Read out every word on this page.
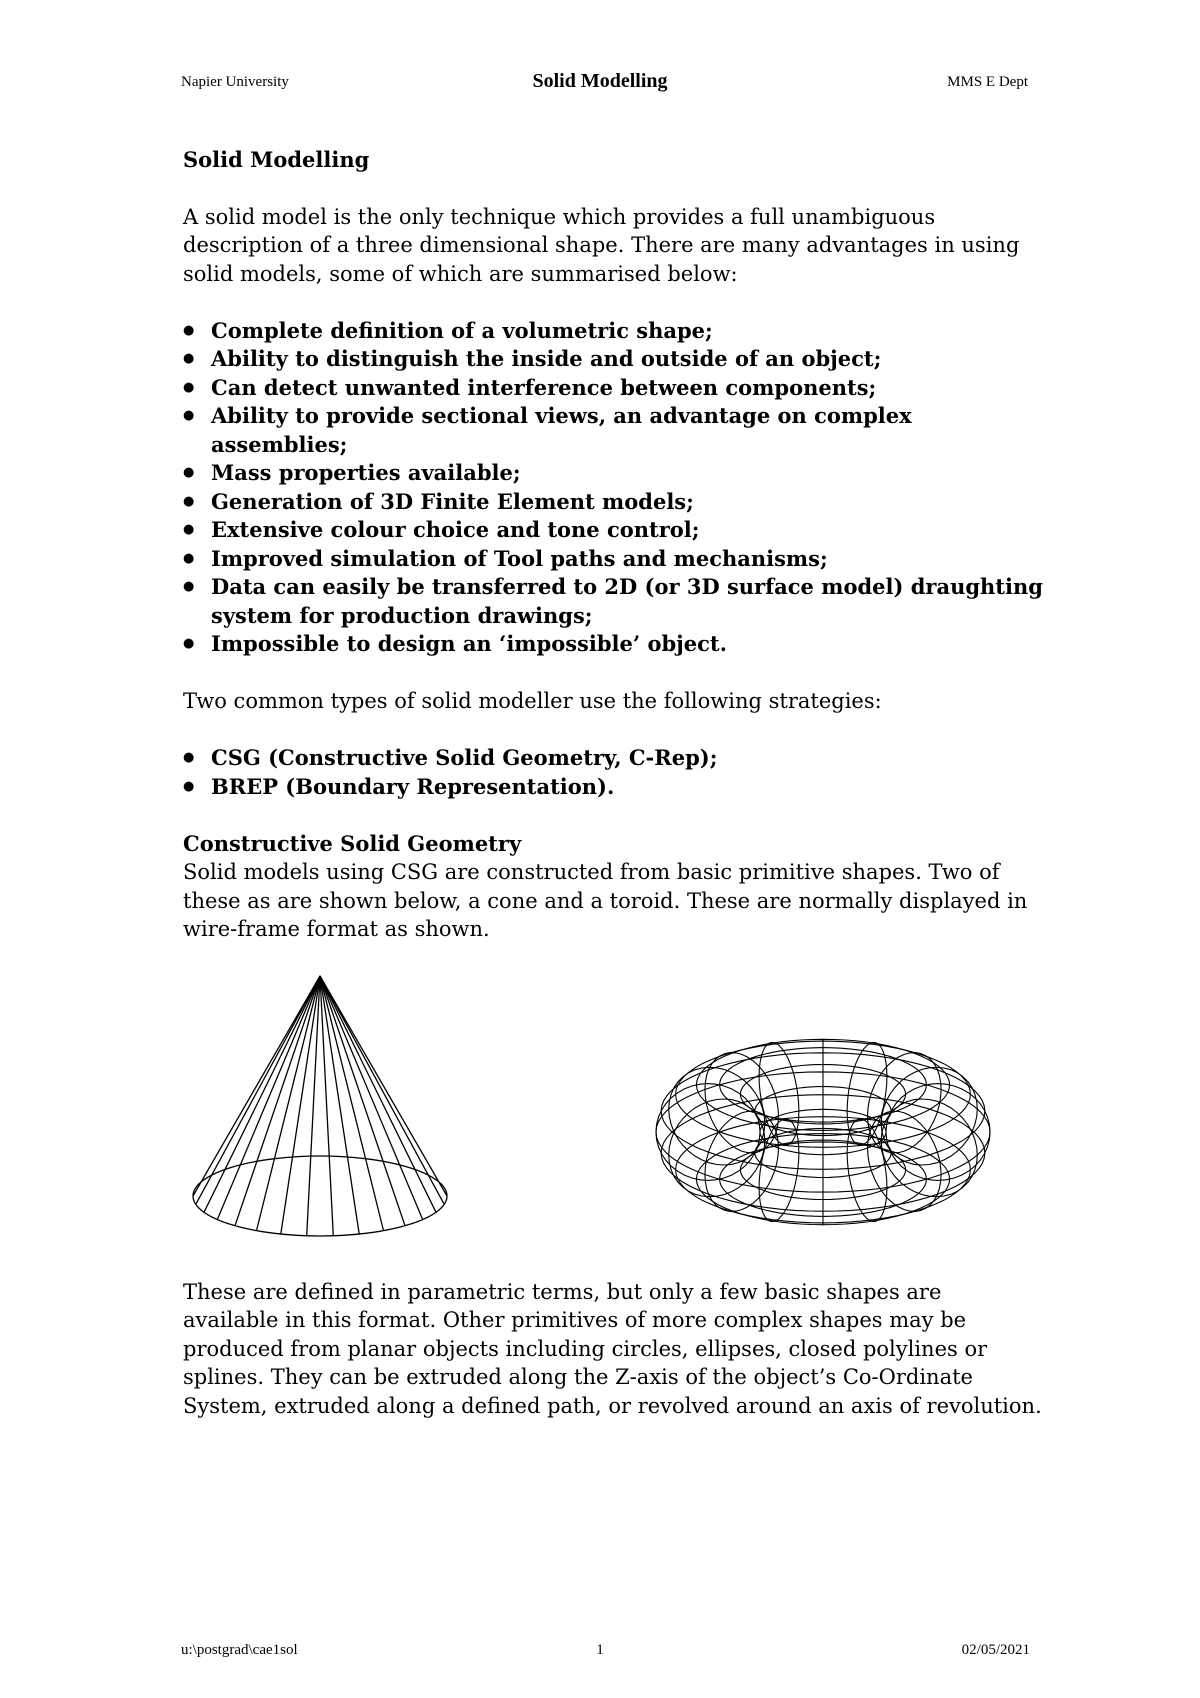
Napier University	Solid Modelling	MMS E Dept
Solid Modelling

A solid model is the only technique which provides a full unambiguous description of a three dimensional shape. There are many advantages in using solid models, some of which are summarised below:

● Complete definition of a volumetric shape;
● Ability to distinguish the inside and outside of an object;
● Can detect unwanted interference between components;
● Ability to provide sectional views, an advantage on complex assemblies;
● Mass properties available;
● Generation of 3D Finite Element models;
● Extensive colour choice and tone control;
● Improved simulation of Tool paths and mechanisms;
● Data can easily be transferred to 2D (or 3D surface model) draughting system for production drawings;
● Impossible to design an ‘impossible’ object.

Two common types of solid modeller use the following strategies:

● CSG (Constructive Solid Geometry, C-Rep);
● BREP (Boundary Representation).
Constructive Solid Geometry

Solid models using CSG are constructed from basic primitive shapes. Two of these as are shown below, a cone and a toroid. These are normally displayed in wire-frame format as shown.

These are defined in parametric terms, but only a few basic shapes are available in this format. Other primitives of more complex shapes may be produced from planar objects including circles, ellipses, closed polylines or splines. They can be extruded along the Z-axis of the object’s Co-Ordinate System, extruded along a defined path, or revolved around an axis of revolution.

u:\postgrad\cae1sol	1	02/05/2021
